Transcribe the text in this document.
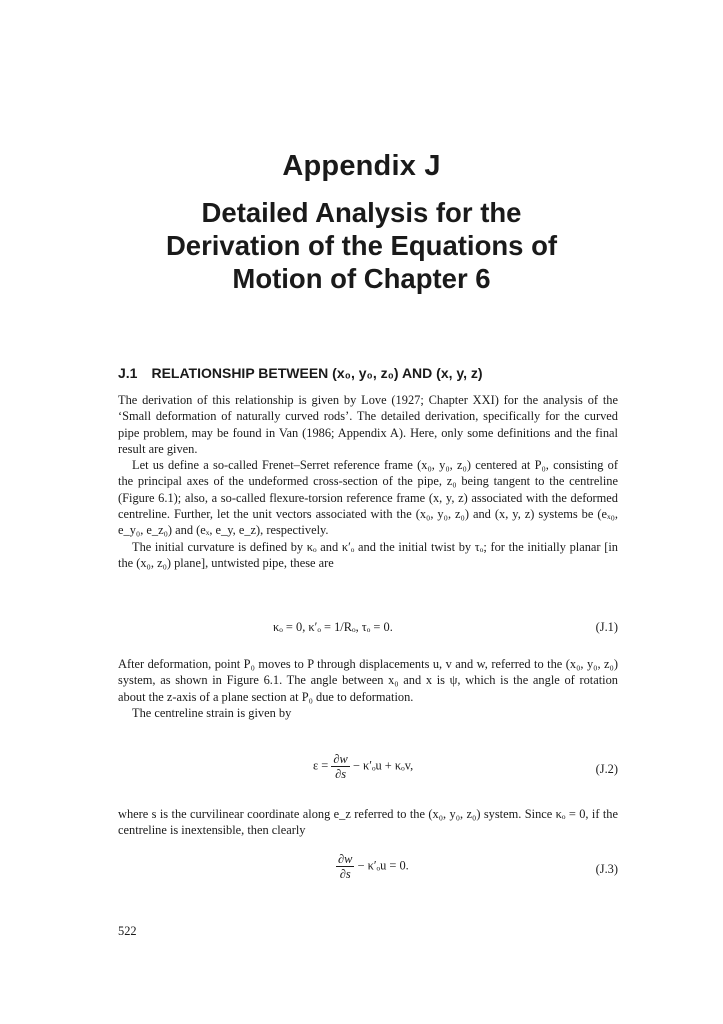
Appendix J
Detailed Analysis for the
Derivation of the Equations of
Motion of Chapter 6
J.1 RELATIONSHIP BETWEEN (x₀, y₀, z₀) AND (x, y, z)

The derivation of this relationship is given by Love (1927; Chapter XXI) for the analysis of the ‘Small deformation of naturally curved rods’. The detailed derivation, specifically for the curved pipe problem, may be found in Van (1986; Appendix A). Here, only some definitions and the final result are given.

Let us define a so-called Frenet–Serret reference frame (x₀, y₀, z₀) centered at P₀, consisting of the principal axes of the undeformed cross-section of the pipe, z₀ being tangent to the centreline (Figure 6.1); also, a so-called flexure-torsion reference frame (x, y, z) associated with the deformed centreline. Further, let the unit vectors associated with the (x₀, y₀, z₀) and (x, y, z) systems be (eₓ₀, e_y₀, e_z₀) and (eₓ, e_y, e_z), respectively.

The initial curvature is defined by κₒ and κ′ₒ and the initial twist by τₒ; for the initially planar [in the (x₀, z₀) plane], untwisted pipe, these are

κₒ = 0, κ′ₒ = 1/Rₒ, τₒ = 0.	(J.1)

After deformation, point P₀ moves to P through displacements u, v and w, referred to the (x₀, y₀, z₀) system, as shown in Figure 6.1. The angle between x₀ and x is ψ, which is the angle of rotation about the z-axis of a plane section at P₀ due to deformation.

The centreline strain is given by

$\varepsilon = \frac{\partial w}{\partial s} - \kappa'_ou + \kappa_ov$,	(J.2)

where s is the curvilinear coordinate along e_z referred to the (x₀, y₀, z₀) system. Since κₒ = 0, if the centreline is inextensible, then clearly

$\frac{\partial w}{\partial s} - \kappa'_ou = 0$.	(J.3)
522
